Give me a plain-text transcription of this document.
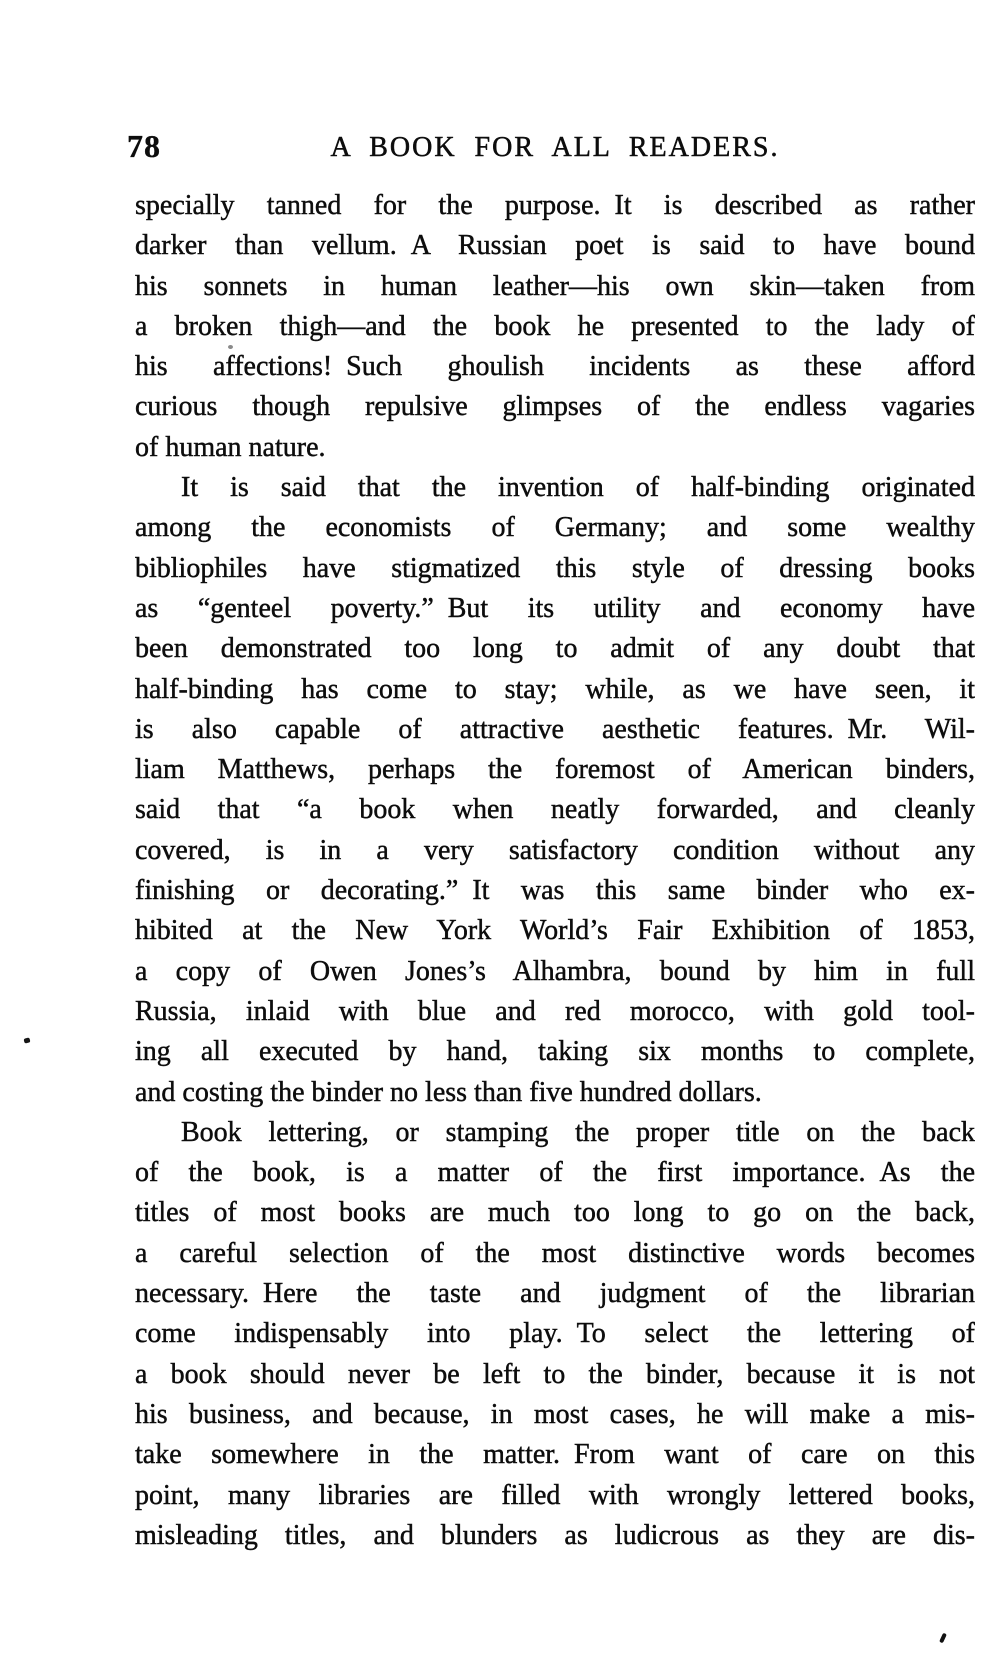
78	A BOOK FOR ALL READERS.
specially tanned for the purpose. It is described as rather
darker than vellum. A Russian poet is said to have bound
his sonnets in human leather—his own skin—taken from
a broken thigh—and the book he presented to the lady of
his affections! Such ghoulish incidents as these afford
curious though repulsive glimpses of the endless vagaries
of human nature.
It is said that the invention of half-binding originated
among the economists of Germany; and some wealthy
bibliophiles have stigmatized this style of dressing books
as “genteel poverty.” But its utility and economy have
been demonstrated too long to admit of any doubt that
half-binding has come to stay; while, as we have seen, it
is also capable of attractive aesthetic features. Mr. Wil-
liam Matthews, perhaps the foremost of American binders,
said that “a book when neatly forwarded, and cleanly
covered, is in a very satisfactory condition without any
finishing or decorating.” It was this same binder who ex-
hibited at the New York World’s Fair Exhibition of 1853,
a copy of Owen Jones’s Alhambra, bound by him in full
Russia, inlaid with blue and red morocco, with gold tool-
ing all executed by hand, taking six months to complete,
and costing the binder no less than five hundred dollars.
Book lettering, or stamping the proper title on the back
of the book, is a matter of the first importance. As the
titles of most books are much too long to go on the back,
a careful selection of the most distinctive words becomes
necessary. Here the taste and judgment of the librarian
come indispensably into play. To select the lettering of
a book should never be left to the binder, because it is not
his business, and because, in most cases, he will make a mis-
take somewhere in the matter. From want of care on this
point, many libraries are filled with wrongly lettered books,
misleading titles, and blunders as ludicrous as they are dis-
